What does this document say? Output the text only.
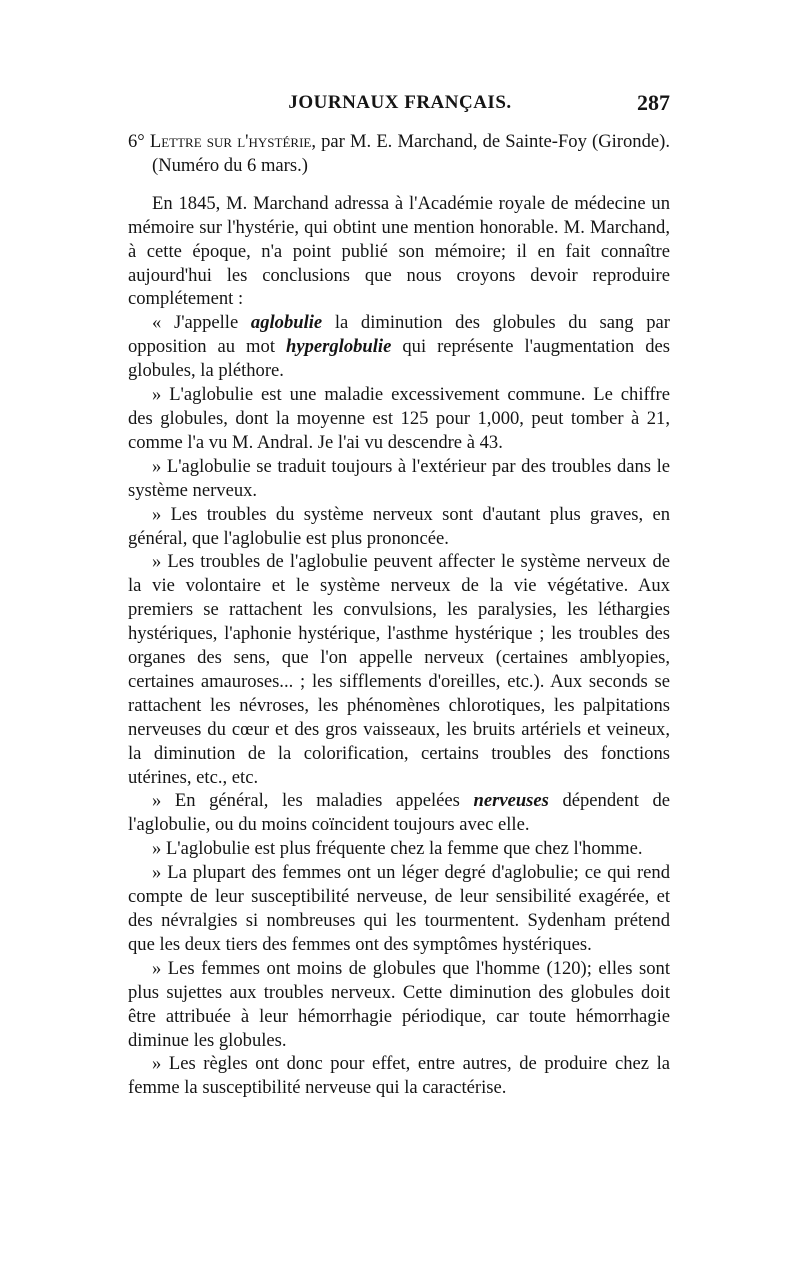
JOURNAUX FRANÇAIS.	287

6° Lettre sur l'hystérie, par M. E. Marchand, de Sainte-Foy (Gironde). (Numéro du 6 mars.)

En 1845, M. Marchand adressa à l'Académie royale de médecine un mémoire sur l'hystérie, qui obtint une mention honorable. M. Marchand, à cette époque, n'a point publié son mémoire; il en fait connaître aujourd'hui les conclusions que nous croyons devoir reproduire complétement :

« J'appelle aglobulie la diminution des globules du sang par opposition au mot hyperglobulie qui représente l'augmentation des globules, la pléthore.

» L'aglobulie est une maladie excessivement commune. Le chiffre des globules, dont la moyenne est 125 pour 1,000, peut tomber à 21, comme l'a vu M. Andral. Je l'ai vu descendre à 43.

» L'aglobulie se traduit toujours à l'extérieur par des troubles dans le système nerveux.

» Les troubles du système nerveux sont d'autant plus graves, en général, que l'aglobulie est plus prononcée.

» Les troubles de l'aglobulie peuvent affecter le système nerveux de la vie volontaire et le système nerveux de la vie végétative. Aux premiers se rattachent les convulsions, les paralysies, les léthargies hystériques, l'aphonie hystérique, l'asthme hystérique ; les troubles des organes des sens, que l'on appelle nerveux (certaines amblyopies, certaines amauroses... ; les sifflements d'oreilles, etc.). Aux seconds se rattachent les névroses, les phénomènes chlorotiques, les palpitations nerveuses du cœur et des gros vaisseaux, les bruits artériels et veineux, la diminution de la colorification, certains troubles des fonctions utérines, etc., etc.

» En général, les maladies appelées nerveuses dépendent de l'aglobulie, ou du moins coïncident toujours avec elle.

» L'aglobulie est plus fréquente chez la femme que chez l'homme.

» La plupart des femmes ont un léger degré d'aglobulie; ce qui rend compte de leur susceptibilité nerveuse, de leur sensibilité exagérée, et des névralgies si nombreuses qui les tourmentent. Sydenham prétend que les deux tiers des femmes ont des symptômes hystériques.

» Les femmes ont moins de globules que l'homme (120); elles sont plus sujettes aux troubles nerveux. Cette diminution des globules doit être attribuée à leur hémorrhagie périodique, car toute hémorrhagie diminue les globules.

» Les règles ont donc pour effet, entre autres, de produire chez la femme la susceptibilité nerveuse qui la caractérise.
